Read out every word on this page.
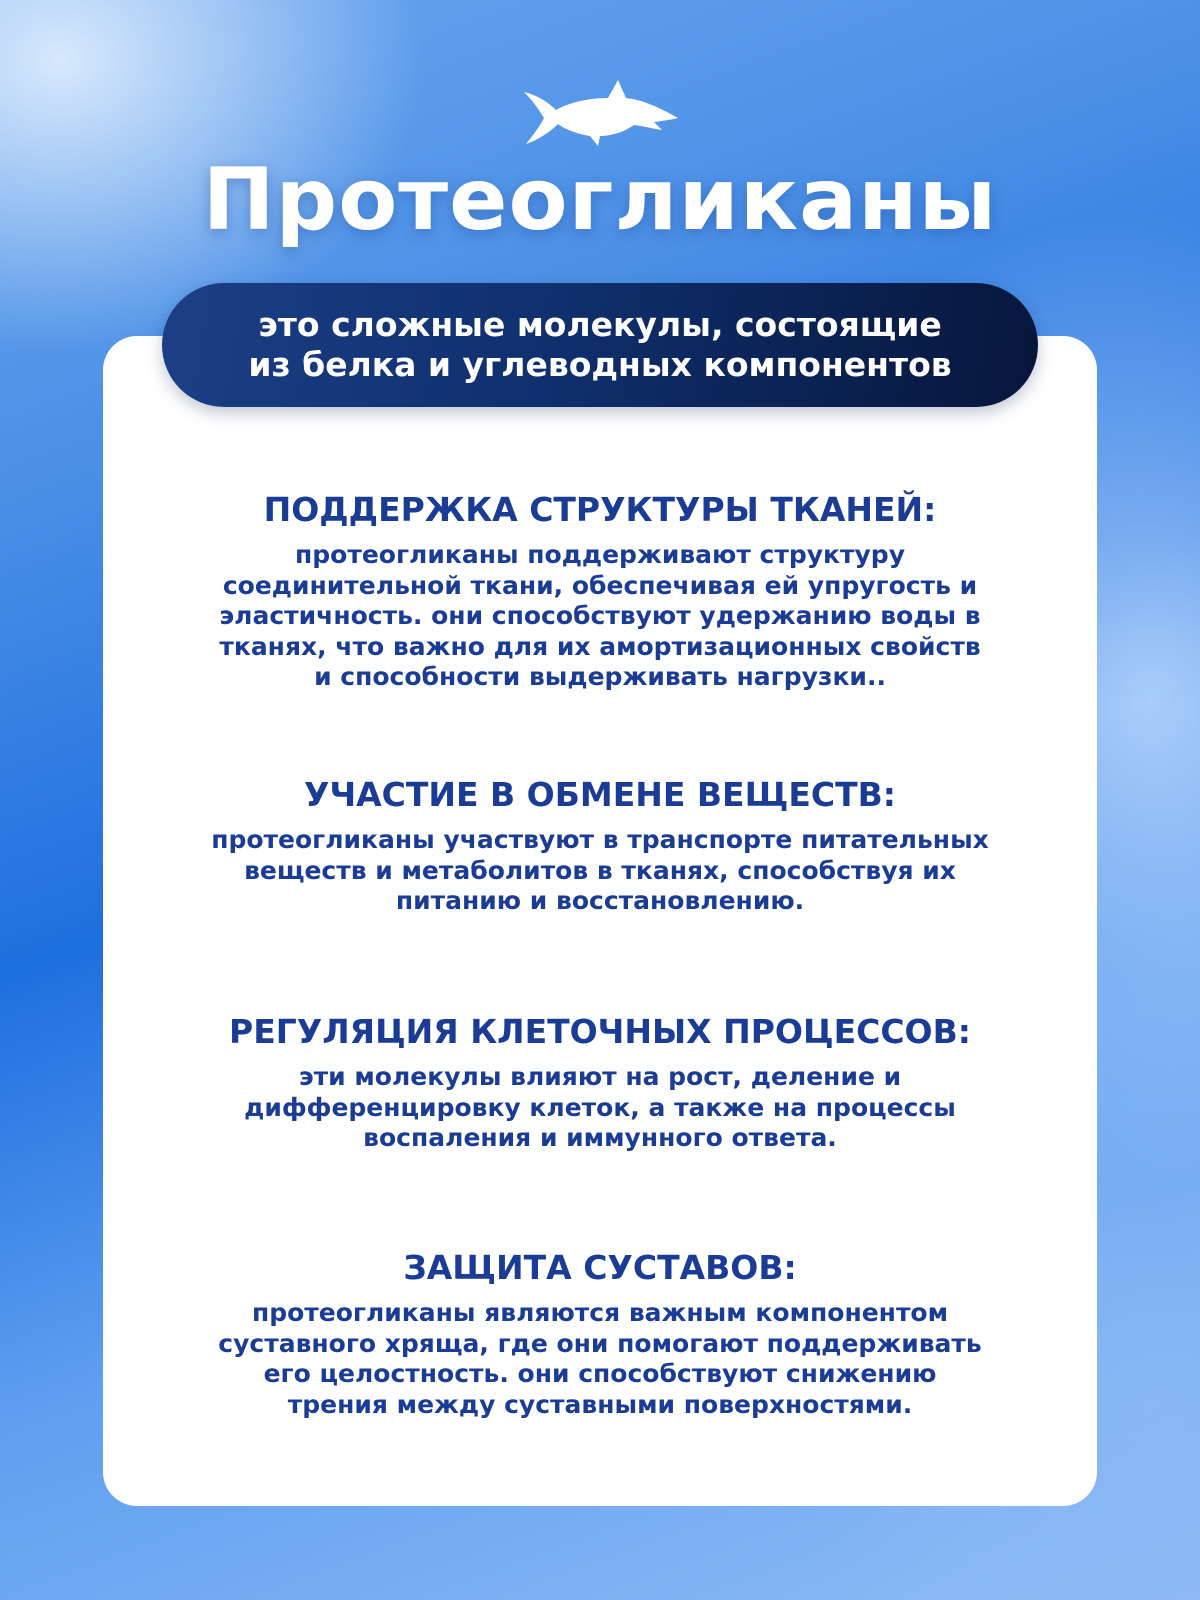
Протеогликаны
это сложные молекулы, состоящие
из белка и углеводных компонентов
ПОДДЕРЖКА СТРУКТУРЫ ТКАНЕЙ:
протеогликаны поддерживают структуру
соединительной ткани, обеспечивая ей упругость и
эластичность. они способствуют удержанию воды в
тканях, что важно для их амортизационных свойств
и способности выдерживать нагрузки..
УЧАСТИЕ В ОБМЕНЕ ВЕЩЕСТВ:
протеогликаны участвуют в транспорте питательных
веществ и метаболитов в тканях, способствуя их
питанию и восстановлению.
РЕГУЛЯЦИЯ КЛЕТОЧНЫХ ПРОЦЕССОВ:
эти молекулы влияют на рост, деление и
дифференцировку клеток, а также на процессы
воспаления и иммунного ответа.
ЗАЩИТА СУСТАВОВ:
протеогликаны являются важным компонентом
суставного хряща, где они помогают поддерживать
его целостность. они способствуют снижению
трения между суставными поверхностями.
